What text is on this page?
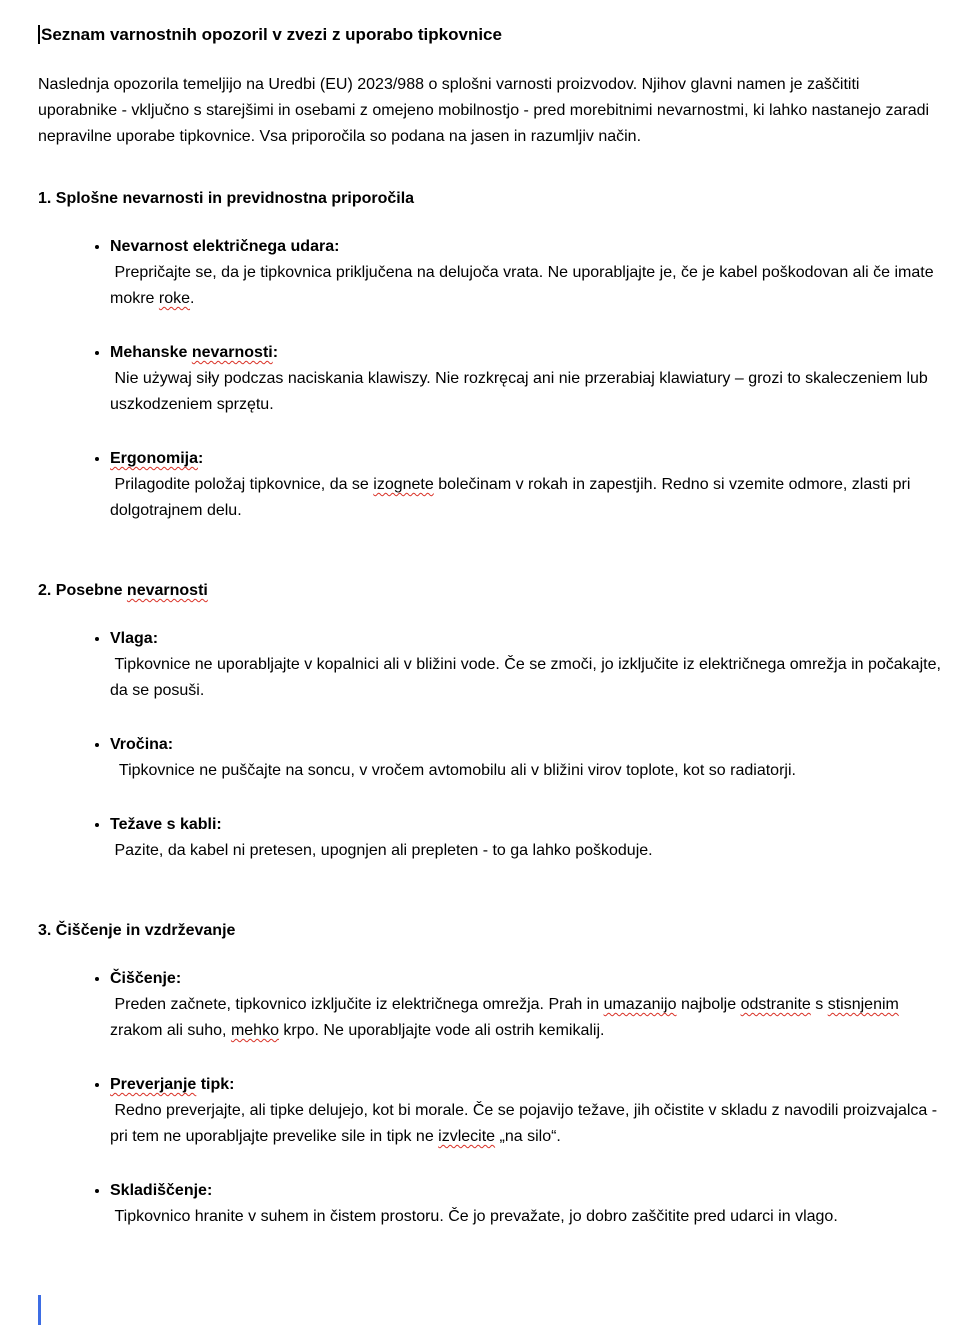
Seznam varnostnih opozoril v zvezi z uporabo tipkovnice

Naslednja opozorila temeljijo na Uredbi (EU) 2023/988 o splošni varnosti proizvodov. Njihov glavni namen je zaščititi uporabnike - vključno s starejšimi in osebami z omejeno mobilnostjo - pred morebitnimi nevarnostmi, ki lahko nastanejo zaradi nepravilne uporabe tipkovnice. Vsa priporočila so podana na jasen in razumljiv način.

1. Splošne nevarnosti in previdnostna priporočila
• Nevarnost električnega udara:
Prepričajte se, da je tipkovnica priključena na delujoča vrata. Ne uporabljajte je, če je kabel poškodovan ali če imate mokre roke.
• Mehanske nevarnosti:
Nie używaj siły podczas naciskania klawiszy. Nie rozkręcaj ani nie przerabiaj klawiatury – grozi to skaleczeniem lub uszkodzeniem sprzętu.
• Ergonomija:
Prilagodite položaj tipkovnice, da se izognete bolečinam v rokah in zapestjih. Redno si vzemite odmore, zlasti pri dolgotrajnem delu.
2. Posebne nevarnosti
• Vlaga:
Tipkovnice ne uporabljajte v kopalnici ali v bližini vode. Če se zmoči, jo izključite iz električnega omrežja in počakajte, da se posuši.
• Vročina:
Tipkovnice ne puščajte na soncu, v vročem avtomobilu ali v bližini virov toplote, kot so radiatorji.
• Težave s kabli:
Pazite, da kabel ni pretesen, upognjen ali prepleten - to ga lahko poškoduje.
3. Čiščenje in vzdrževanje
• Čiščenje:
Preden začnete, tipkovnico izključite iz električnega omrežja. Prah in umazanijo najbolje odstranite s stisnjenim zrakom ali suho, mehko krpo. Ne uporabljajte vode ali ostrih kemikalij.
• Preverjanje tipk:
Redno preverjajte, ali tipke delujejo, kot bi morale. Če se pojavijo težave, jih očistite v skladu z navodili proizvajalca - pri tem ne uporabljajte prevelike sile in tipk ne izvlecite „na silo“.
• Skladiščenje:
Tipkovnico hranite v suhem in čistem prostoru. Če jo prevažate, jo dobro zaščitite pred udarci in vlago.
